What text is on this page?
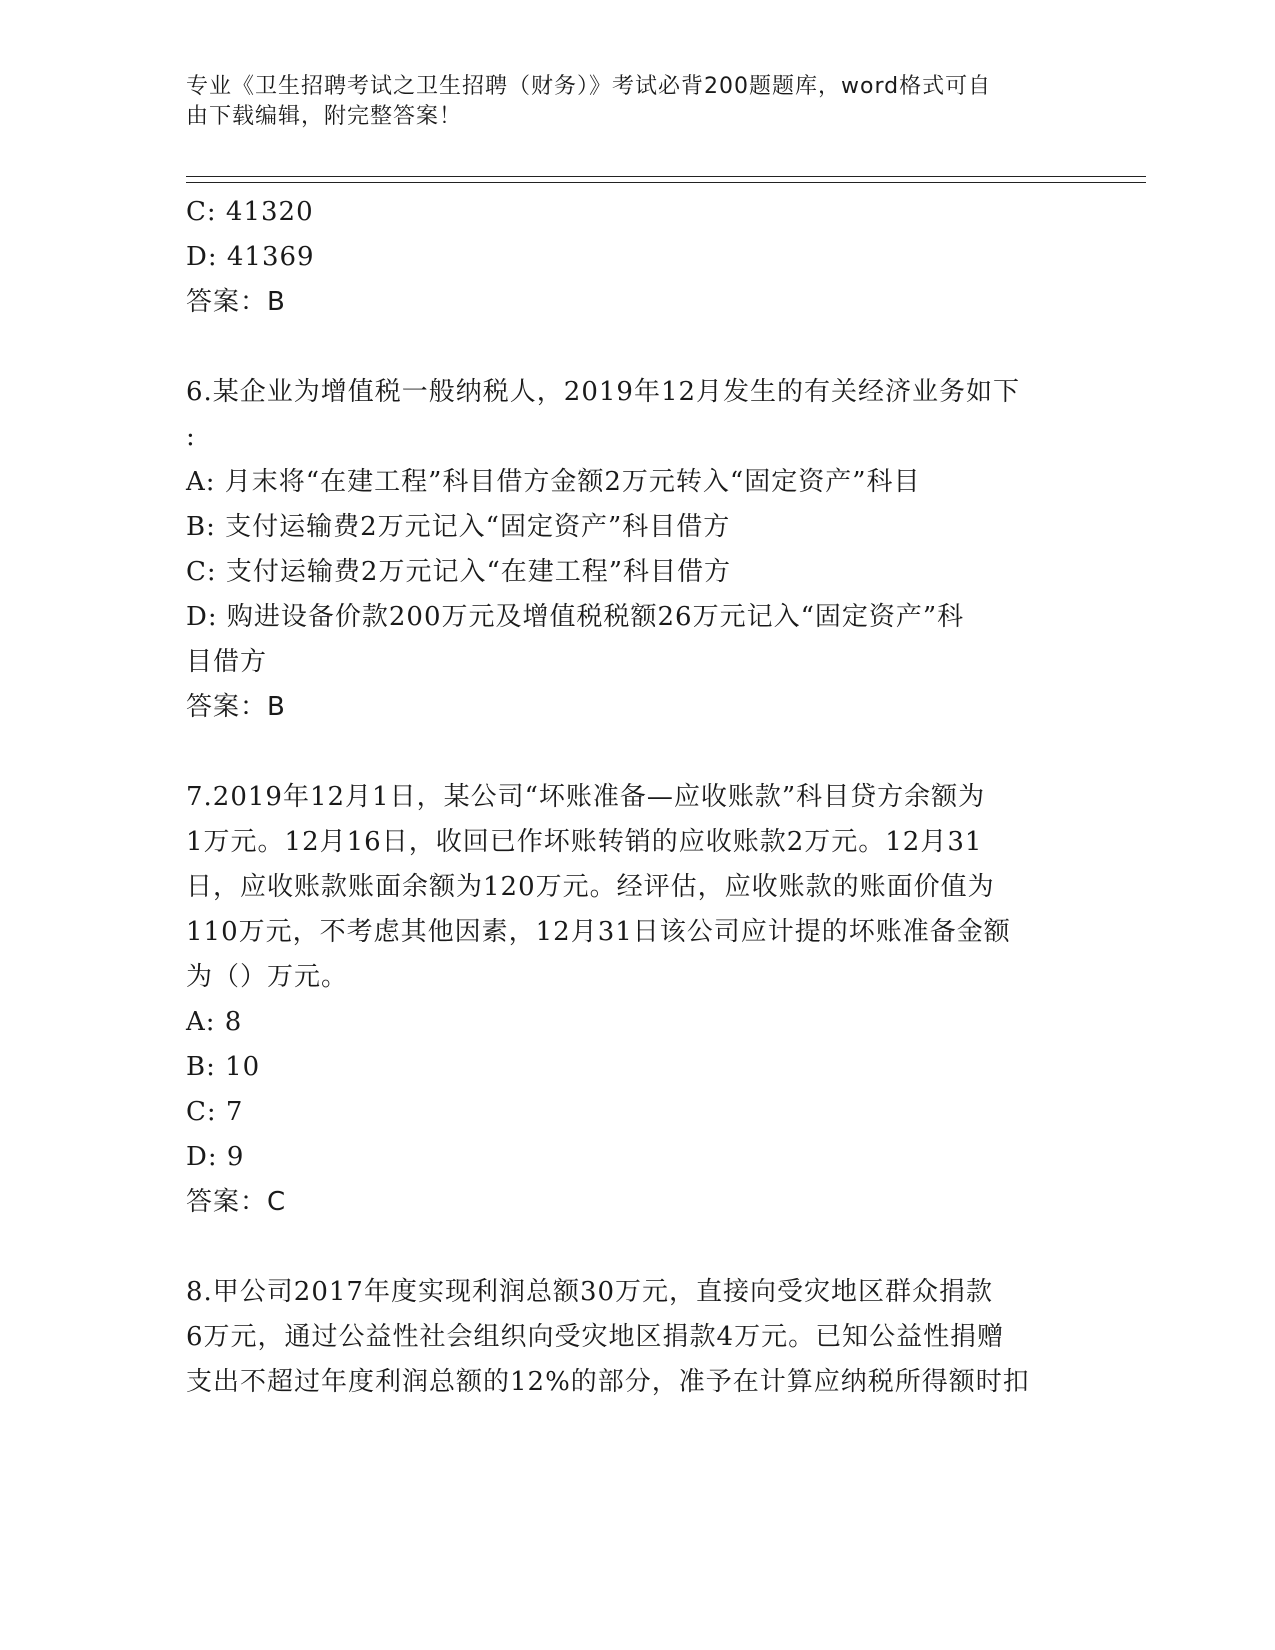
专业《卫生招聘考试之卫生招聘（财务）》考试必背200题题库，word格式可自
由下载编辑，附完整答案！
C: 41320
D: 41369
答案：B
6.某企业为增值税一般纳税人，2019年12月发生的有关经济业务如下
:
A: 月末将“在建工程”科目借方金额2万元转入“固定资产”科目
B: 支付运输费2万元记入“固定资产”科目借方
C: 支付运输费2万元记入“在建工程”科目借方
D: 购进设备价款200万元及增值税税额26万元记入“固定资产”科
目借方
答案：B
7.2019年12月1日，某公司“坏账准备—应收账款”科目贷方余额为
1万元。12月16日，收回已作坏账转销的应收账款2万元。12月31
日，应收账款账面余额为120万元。经评估，应收账款的账面价值为
110万元，不考虑其他因素，12月31日该公司应计提的坏账准备金额
为（）万元。
A: 8
B: 10
C: 7
D: 9
答案：C
8.甲公司2017年度实现利润总额30万元，直接向受灾地区群众捐款
6万元，通过公益性社会组织向受灾地区捐款4万元。已知公益性捐赠
支出不超过年度利润总额的12%的部分，准予在计算应纳税所得额时扣
